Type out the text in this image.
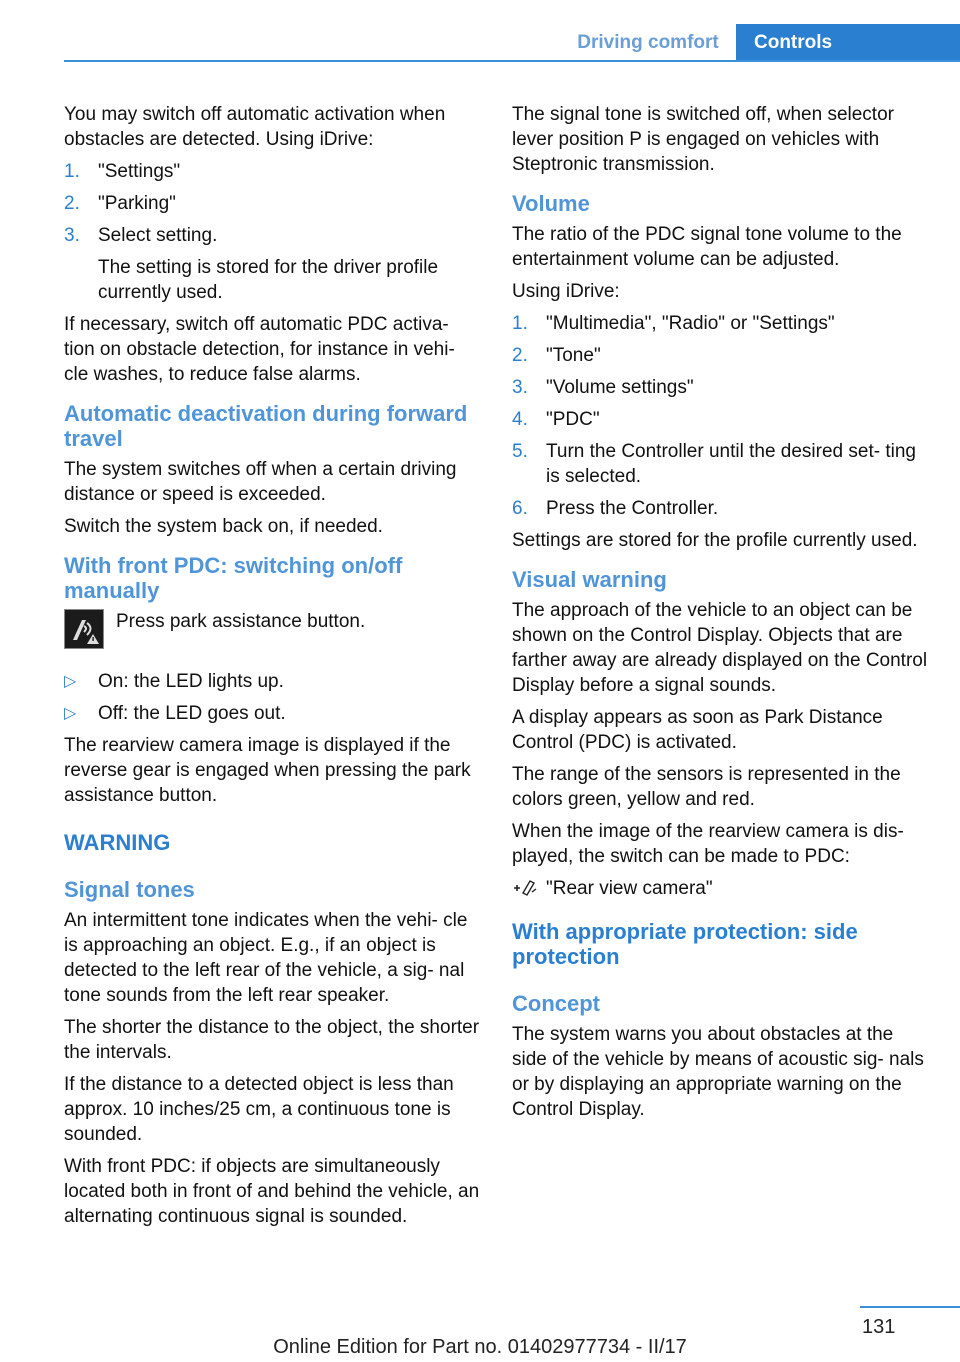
Driving comfort	Controls

You may switch off automatic activation when obstacles are detected. Using iDrive:

1. "Settings"
2. "Parking"
3. Select setting.
The setting is stored for the driver profile currently used.

If necessary, switch off automatic PDC activa‐ tion on obstacle detection, for instance in vehi‐ cle washes, to reduce false alarms.

Automatic deactivation during forward travel

The system switches off when a certain driving distance or speed is exceeded.

Switch the system back on, if needed.

With front PDC: switching on/off manually
Press park assistance button.
▷ On: the LED lights up.
▷ Off: the LED goes out.

The rearview camera image is displayed if the reverse gear is engaged when pressing the park assistance button.

WARNING
Signal tones

An intermittent tone indicates when the vehi‐ cle is approaching an object. E.g., if an object is detected to the left rear of the vehicle, a sig‐ nal tone sounds from the left rear speaker.

The shorter the distance to the object, the shorter the intervals.

If the distance to a detected object is less than approx. 10 inches/25 cm, a continuous tone is sounded.

With front PDC: if objects are simultaneously located both in front of and behind the vehicle, an alternating continuous signal is sounded.

The signal tone is switched off, when selector lever position P is engaged on vehicles with Steptronic transmission.

Volume

The ratio of the PDC signal tone volume to the entertainment volume can be adjusted.

Using iDrive:

1. "Multimedia", "Radio" or "Settings"
2. "Tone"
3. "Volume settings"
4. "PDC"
5. Turn the Controller until the desired set‐ ting is selected.
6. Press the Controller.

Settings are stored for the profile currently used.

Visual warning

The approach of the vehicle to an object can be shown on the Control Display. Objects that are farther away are already displayed on the Control Display before a signal sounds.

A display appears as soon as Park Distance Control (PDC) is activated.

The range of the sensors is represented in the colors green, yellow and red.

When the image of the rearview camera is dis‐ played, the switch can be made to PDC:

"Rear view camera"
With appropriate protection: side protection
Concept

The system warns you about obstacles at the side of the vehicle by means of acoustic sig‐ nals or by displaying an appropriate warning on the Control Display.

131
Online Edition for Part no. 01402977734 - II/17
